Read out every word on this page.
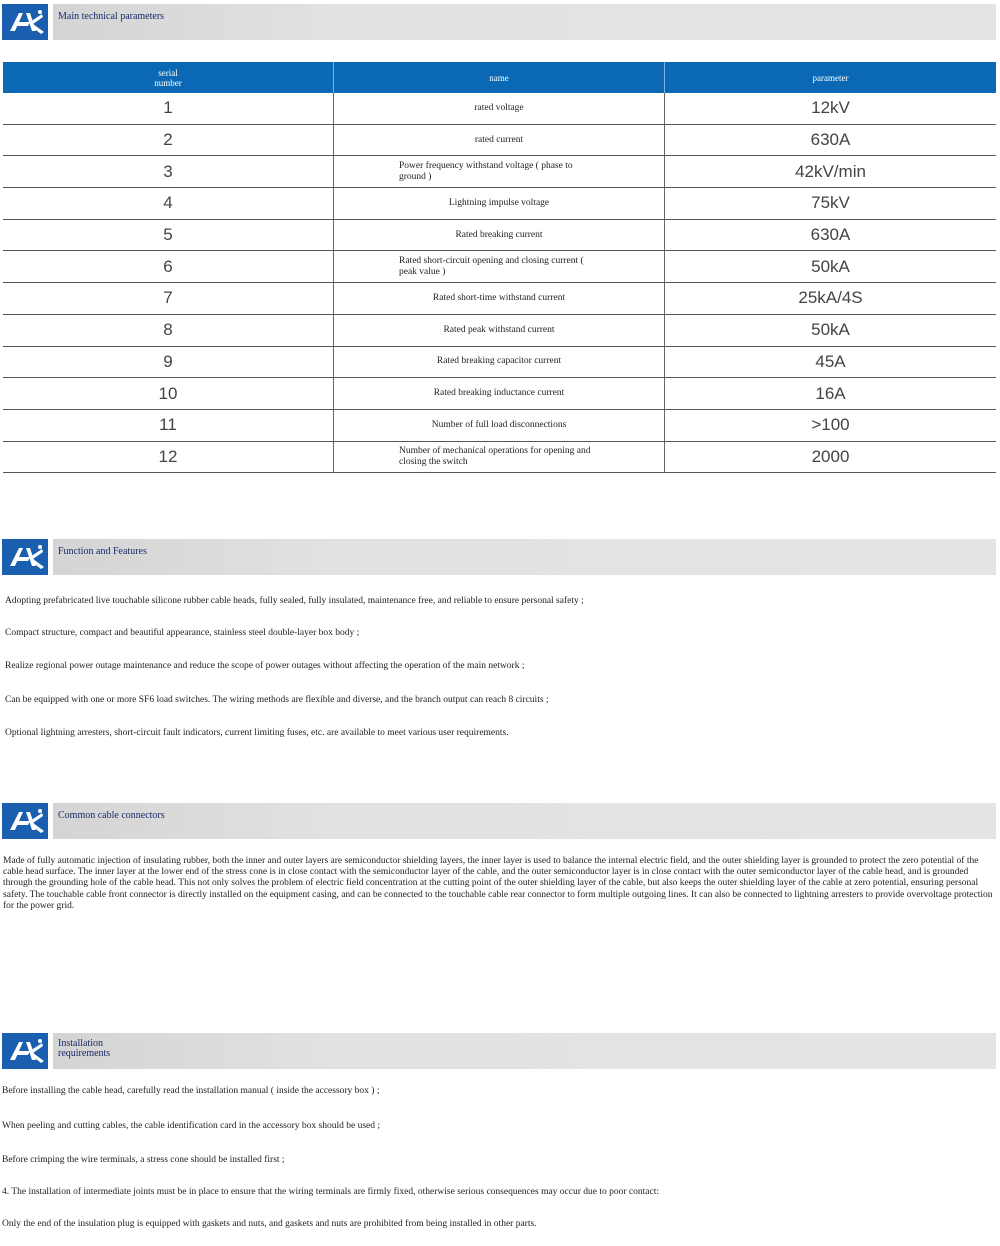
Main technical parameters
serial number	name	parameter
1	rated voltage	12kV
2	rated current	630A
3	Power frequency withstand voltage ( phase to ground )	42kV/min
4	Lightning impulse voltage	75kV
5	Rated breaking current	630A
6	Rated short-circuit opening and closing current ( peak value )	50kA
7	Rated short-time withstand current	25kA/4S
8	Rated peak withstand current	50kA
9	Rated breaking capacitor current	45A
10	Rated breaking inductance current	16A
11	Number of full load disconnections	>100
12	Number of mechanical operations for opening and closing the switch	2000
Function and Features
Adopting prefabricated live touchable silicone rubber cable heads, fully sealed, fully insulated, maintenance free, and reliable to ensure personal safety ;
Compact structure, compact and beautiful appearance, stainless steel double-layer box body ;
Realize regional power outage maintenance and reduce the scope of power outages without affecting the operation of the main network ;
Can be equipped with one or more SF6 load switches. The wiring methods are flexible and diverse, and the branch output can reach 8 circuits ;
Optional lightning arresters, short-circuit fault indicators, current limiting fuses, etc. are available to meet various user requirements.
Common cable connectors
Made of fully automatic injection of insulating rubber, both the inner and outer layers are semiconductor shielding layers, the inner layer is used to balance the internal electric field, and the outer shielding layer is grounded to protect the zero potential of the cable head surface. The inner layer at the lower end of the stress cone is in close contact with the semiconductor layer of the cable, and the outer semiconductor layer is in close contact with the outer semiconductor layer of the cable head, and is grounded through the grounding hole of the cable head. This not only solves the problem of electric field concentration at the cutting point of the outer shielding layer of the cable, but also keeps the outer shielding layer of the cable at zero potential, ensuring personal safety. The touchable cable front connector is directly installed on the equipment casing, and can be connected to the touchable cable rear connector to form multiple outgoing lines. It can also be connected to lightning arresters to provide overvoltage protection for the power grid.
Installation requirements
Before installing the cable head, carefully read the installation manual ( inside the accessory box ) ;
When peeling and cutting cables, the cable identification card in the accessory box should be used ;
Before crimping the wire terminals, a stress cone should be installed first ;
4. The installation of intermediate joints must be in place to ensure that the wiring terminals are firmly fixed, otherwise serious consequences may occur due to poor contact:
Only the end of the insulation plug is equipped with gaskets and nuts, and gaskets and nuts are prohibited from being installed in other parts.
